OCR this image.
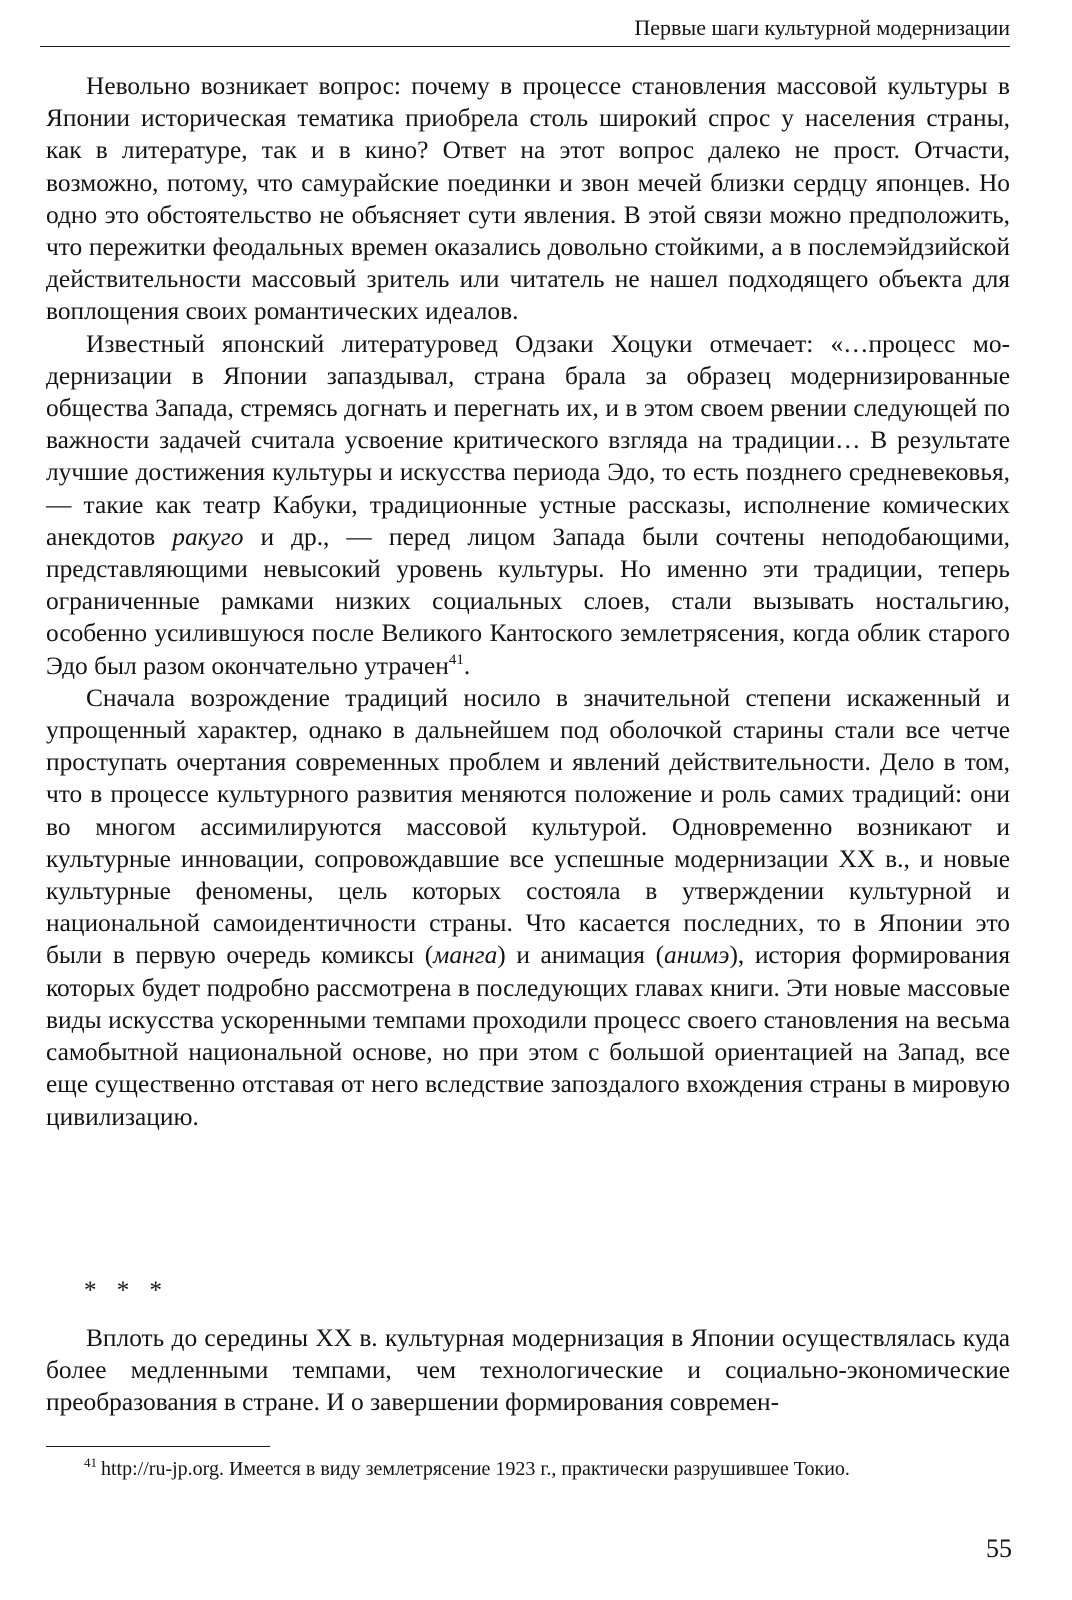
Первые шаги культурной модернизации

Невольно возникает вопрос: почему в процессе становления массовой культуры в Японии историческая тематика приобрела столь широкий спрос у населения страны, как в литературе, так и в кино? Ответ на этот вопрос далеко не прост. Отчасти, возможно, потому, что самурайские поединки и звон мечей близки сердцу японцев. Но одно это обстоятельство не объясняет сути явления. В этой связи можно предположить, что пережитки феодальных времен оказались довольно стойкими, а в послемэйдзийской действительности массовый зритель или читатель не нашел подходящего объекта для воплощения своих романтических идеалов.

Известный японский литературовед Одзаки Хоцуки отмечает: «…процесс модернизации в Японии запаздывал, страна брала за образец модернизированные общества Запада, стремясь догнать и перегнать их, и в этом своем рвении следующей по важности задачей считала усвоение критического взгляда на традиции… В результате лучшие достижения культуры и искусства периода Эдо, то есть позднего средневековья, — такие как театр Кабуки, традиционные устные рассказы, исполнение комических анекдотов ракуго и др., — перед лицом Запада были сочтены неподобающими, представляющими невысокий уровень культуры. Но именно эти традиции, теперь ограниченные рамками низких социальных слоев, стали вызывать ностальгию, особенно усилившуюся после Великого Кантоского землетрясения, когда облик старого Эдо был разом окончательно утрачен$^{41}$.

Сначала возрождение традиций носило в значительной степени искаженный и упрощенный характер, однако в дальнейшем под оболочкой старины стали все четче проступать очертания современных проблем и явлений действительности. Дело в том, что в процессе культурного развития меняются положение и роль самих традиций: они во многом ассимилируются массовой культурой. Одновременно возникают и культурные инновации, сопровождавшие все успешные модернизации XX в., и новые культурные феномены, цель которых состояла в утверждении культурной и национальной самоидентичности страны. Что касается последних, то в Японии это были в первую очередь комиксы (манга) и анимация (анимэ), история формирования которых будет подробно рассмотрена в последующих главах книги. Эти новые массовые виды искусства ускоренными темпами проходили процесс своего становления на весьма самобытной национальной основе, но при этом с большой ориентацией на Запад, все еще существенно отставая от него вследствие запоздалого вхождения страны в мировую цивилизацию.

* * *

Вплоть до середины XX в. культурная модернизация в Японии осуществлялась куда более медленными темпами, чем технологические и социально-экономические преобразования в стране. И о завершении формирования современ-

$^{41}$ http://ru-jp.org. Имеется в виду землетрясение 1923 г., практически разрушившее Токио.
55
